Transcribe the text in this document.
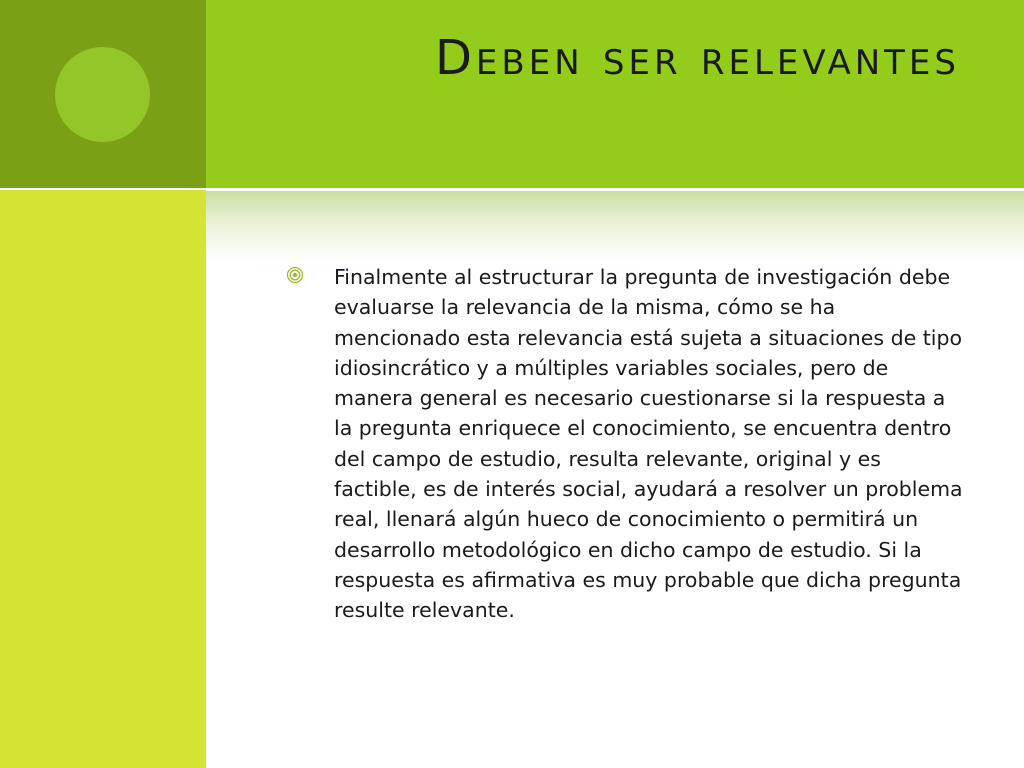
Deben ser relevantes

Finalmente al estructurar la pregunta de investigación debe evaluarse la relevancia de la misma, cómo se ha mencionado esta relevancia está sujeta a situaciones de tipo idiosincrático y a múltiples variables sociales, pero de manera general es necesario cuestionarse si la respuesta a la pregunta enriquece el conocimiento, se encuentra dentro del campo de estudio, resulta relevante, original y es factible, es de interés social, ayudará a resolver un problema real, llenará algún hueco de conocimiento o permitirá un desarrollo metodológico en dicho campo de estudio. Si la respuesta es afirmativa es muy probable que dicha pregunta resulte relevante.
